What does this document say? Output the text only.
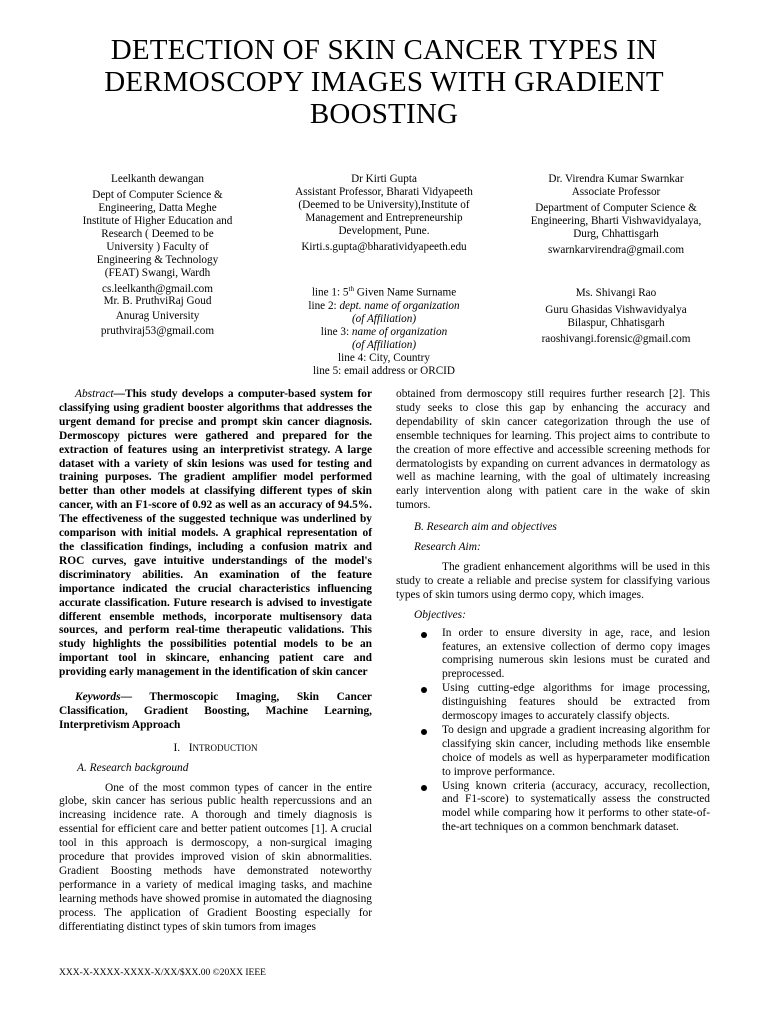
DETECTION OF SKIN CANCER TYPES IN DERMOSCOPY IMAGES WITH GRADIENT BOOSTING
Leelkanth dewangan
Dept of Computer Science & Engineering, Datta Meghe Institute of Higher Education and Research ( Deemed to be University ) Faculty of Engineering & Technology (FEAT) Swangi, Wardh
cs.leelkanth@gmail.com
Dr Kirti Gupta
Assistant Professor, Bharati Vidyapeeth (Deemed to be University),Institute of Management and Entrepreneurship Development, Pune.
Kirti.s.gupta@bharatividyapeeth.edu
Dr. Virendra Kumar Swarnkar
Associate Professor
Department of Computer Science & Engineering, Bharti Vishwavidyalaya, Durg, Chhattisgarh
swarnkarvirendra@gmail.com
Mr. B. PruthviRaj Goud
Anurag University
pruthviraj53@gmail.com
line 1: 5th Given Name Surname
line 2: dept. name of organization
(of Affiliation)
line 3: name of organization
(of Affiliation)
line 4: City, Country
line 5: email address or ORCID
Ms. Shivangi Rao
Guru Ghasidas Vishwavidyalya
Bilaspur, Chhatisgarh
raoshivangi.forensic@gmail.com

Abstract—This study develops a computer-based system for classifying using gradient booster algorithms that addresses the urgent demand for precise and prompt skin cancer diagnosis. Dermoscopy pictures were gathered and prepared for the extraction of features using an interpretivist strategy. A large dataset with a variety of skin lesions was used for testing and training purposes. The gradient amplifier model performed better than other models at classifying different types of skin cancer, with an F1-score of 0.92 as well as an accuracy of 94.5%. The effectiveness of the suggested technique was underlined by comparison with initial models. A graphical representation of the classification findings, including a confusion matrix and ROC curves, gave intuitive understandings of the model's discriminatory abilities. An examination of the feature importance indicated the crucial characteristics influencing accurate classification. Future research is advised to investigate different ensemble methods, incorporate multisensory data sources, and perform real-time therapeutic validations. This study highlights the possibilities potential models to be an important tool in skincare, enhancing patient care and providing early management in the identification of skin cancer

Keywords— Thermoscopic Imaging, Skin Cancer Classification, Gradient Boosting, Machine Learning, Interpretivism Approach

I. INTRODUCTION

A. Research background

One of the most common types of cancer in the entire globe, skin cancer has serious public health repercussions and an increasing incidence rate. A thorough and timely diagnosis is essential for efficient care and better patient outcomes [1]. A crucial tool in this approach is dermoscopy, a non-surgical imaging procedure that provides improved vision of skin abnormalities. Gradient Boosting methods have demonstrated noteworthy performance in a variety of medical imaging tasks, and machine learning methods have showed promise in automated the diagnosing process. The application of Gradient Boosting especially for differentiating distinct types of skin tumors from images

obtained from dermoscopy still requires further research [2]. This study seeks to close this gap by enhancing the accuracy and dependability of skin cancer categorization through the use of ensemble techniques for learning. This project aims to contribute to the creation of more effective and accessible screening methods for dermatologists by expanding on current advances in dermatology as well as machine learning, with the goal of ultimately increasing early intervention along with patient care in the wake of skin tumors.

B. Research aim and objectives

Research Aim:

The gradient enhancement algorithms will be used in this study to create a reliable and precise system for classifying various types of skin tumors using dermo copy, which images.

Objectives:

In order to ensure diversity in age, race, and lesion features, an extensive collection of dermo copy images comprising numerous skin lesions must be curated and preprocessed.
Using cutting-edge algorithms for image processing, distinguishing features should be extracted from dermoscopy images to accurately classify objects.
To design and upgrade a gradient increasing algorithm for classifying skin cancer, including methods like ensemble choice of models as well as hyperparameter modification to improve performance.
Using known criteria (accuracy, accuracy, recollection, and F1-score) to systematically assess the constructed model while comparing how it performs to other state-of-the-art techniques on a common benchmark dataset.
XXX-X-XXXX-XXXX-X/XX/$XX.00 ©20XX IEEE
